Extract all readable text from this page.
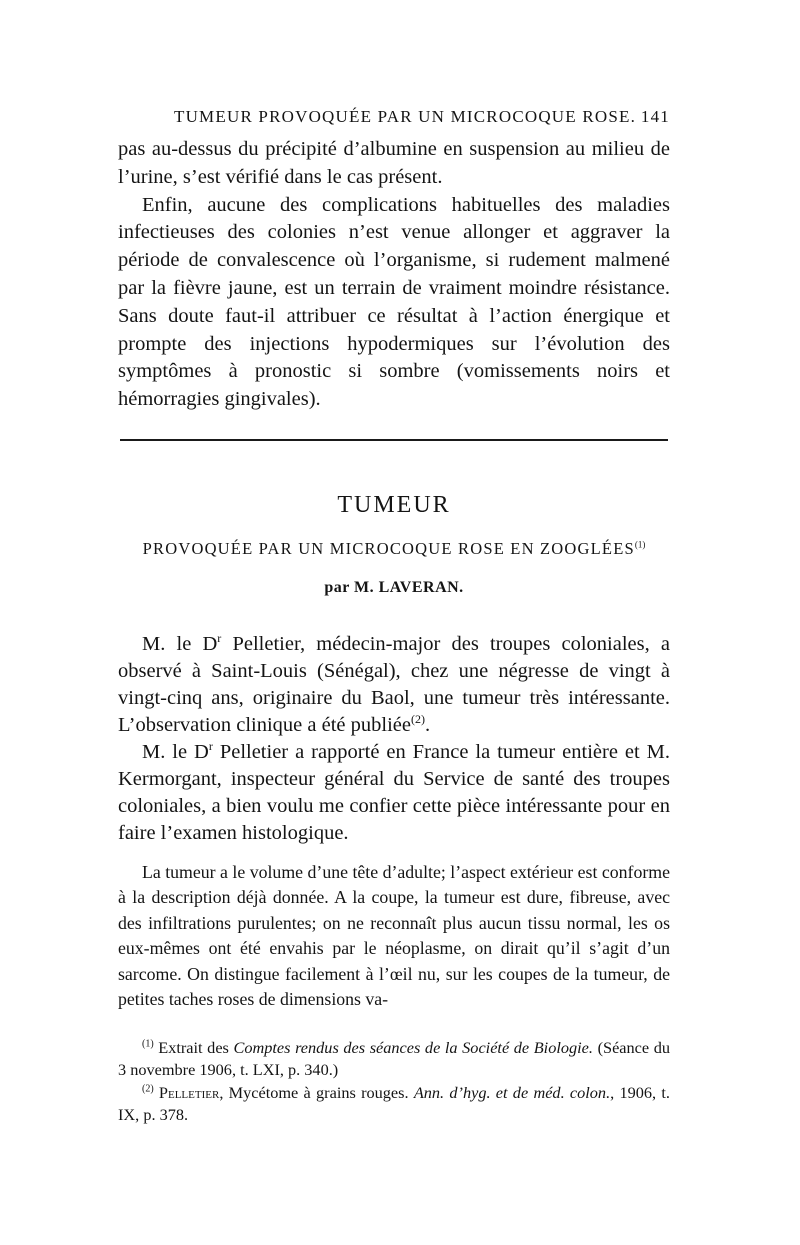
TUMEUR PROVOQUÉE PAR UN MICROCOQUE ROSE. 141

pas au-dessus du précipité d’albumine en suspension au milieu de l’urine, s’est vérifié dans le cas présent.

Enfin, aucune des complications habituelles des maladies infectieuses des colonies n’est venue allonger et aggraver la période de convalescence où l’organisme, si rudement malmené par la fièvre jaune, est un terrain de vraiment moindre résistance. Sans doute faut-il attribuer ce résultat à l’action énergique et prompte des injections hypodermiques sur l’évolution des symptômes à pronostic si sombre (vomissements noirs et hémorragies gingivales).

TUMEUR
PROVOQUÉE PAR UN MICROCOQUE ROSE EN ZOOGLÉES$^{(1)}$
par M. LAVERAN.

M. le $D^r$ Pelletier, médecin-major des troupes coloniales, a observé à Saint-Louis (Sénégal), chez une négresse de vingt à vingt-cinq ans, originaire du Baol, une tumeur très intéressante. L’observation clinique a été publiée$^{(2)}$.

M. le $D^r$ Pelletier a rapporté en France la tumeur entière et M. Kermorgant, inspecteur général du Service de santé des troupes coloniales, a bien voulu me confier cette pièce intéressante pour en faire l’examen histologique.

La tumeur a le volume d’une tête d’adulte; l’aspect extérieur est conforme à la description déjà donnée. A la coupe, la tumeur est dure, fibreuse, avec des infiltrations purulentes; on ne reconnaît plus aucun tissu normal, les os eux-mêmes ont été envahis par le néoplasme, on dirait qu’il s’agit d’un sarcome. On distingue facilement à l’œil nu, sur les coupes de la tumeur, de petites taches roses de dimensions va-

$^{(1)}$ Extrait des Comptes rendus des séances de la Société de Biologie. (Séance du 3 novembre 1906, t. LXI, p. 340.)

$^{(2)}$ Pelletier, Mycétome à grains rouges. Ann. d’hyg. et de méd. colon., 1906, t. IX, p. 378.
